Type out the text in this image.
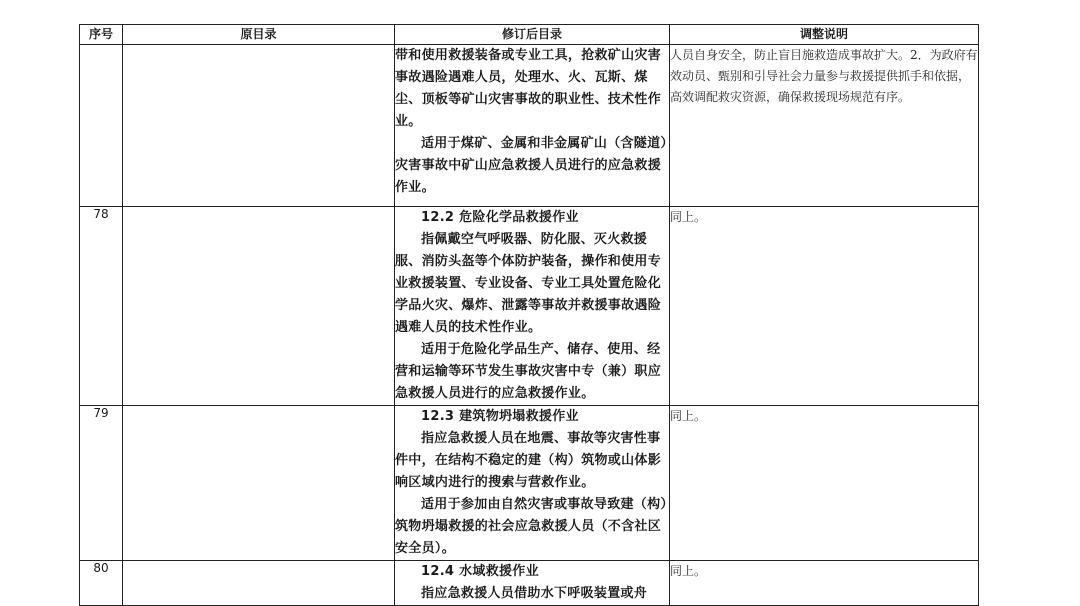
序号	原目录	修订后目录	调整说明

		带和使用救援装备或专业工具，抢救矿山灾害事故遇险遇难人员，处理水、火、瓦斯、煤尘、顶板等矿山灾害事故的职业性、技术性作业。

适用于煤矿、金属和非金属矿山（含隧道）灾害事故中矿山应急救援人员进行的应急救援作业。	人员自身安全，防止盲目施救造成事故扩大。2．为政府有效动员、甄别和引导社会力量参与救援提供抓手和依据，高效调配救灾资源，确保救援现场规范有序。
78		12.2 危险化学品救援作业

指佩戴空气呼吸器、防化服、灭火救援服、消防头盔等个体防护装备，操作和使用专业救援装置、专业设备、专业工具处置危险化学品火灾、爆炸、泄露等事故并救援事故遇险遇难人员的技术性作业。

适用于危险化学品生产、储存、使用、经营和运输等环节发生事故灾害中专（兼）职应急救援人员进行的应急救援作业。	同上。
79		12.3 建筑物坍塌救援作业

指应急救援人员在地震、事故等灾害性事件中，在结构不稳定的建（构）筑物或山体影响区域内进行的搜索与营救作业。

适用于参加由自然灾害或事故导致建（构）筑物坍塌救援的社会应急救援人员（不含社区安全员）。	同上。
80		12.4 水域救援作业

指应急救援人员借助水下呼吸装置或舟	同上。
